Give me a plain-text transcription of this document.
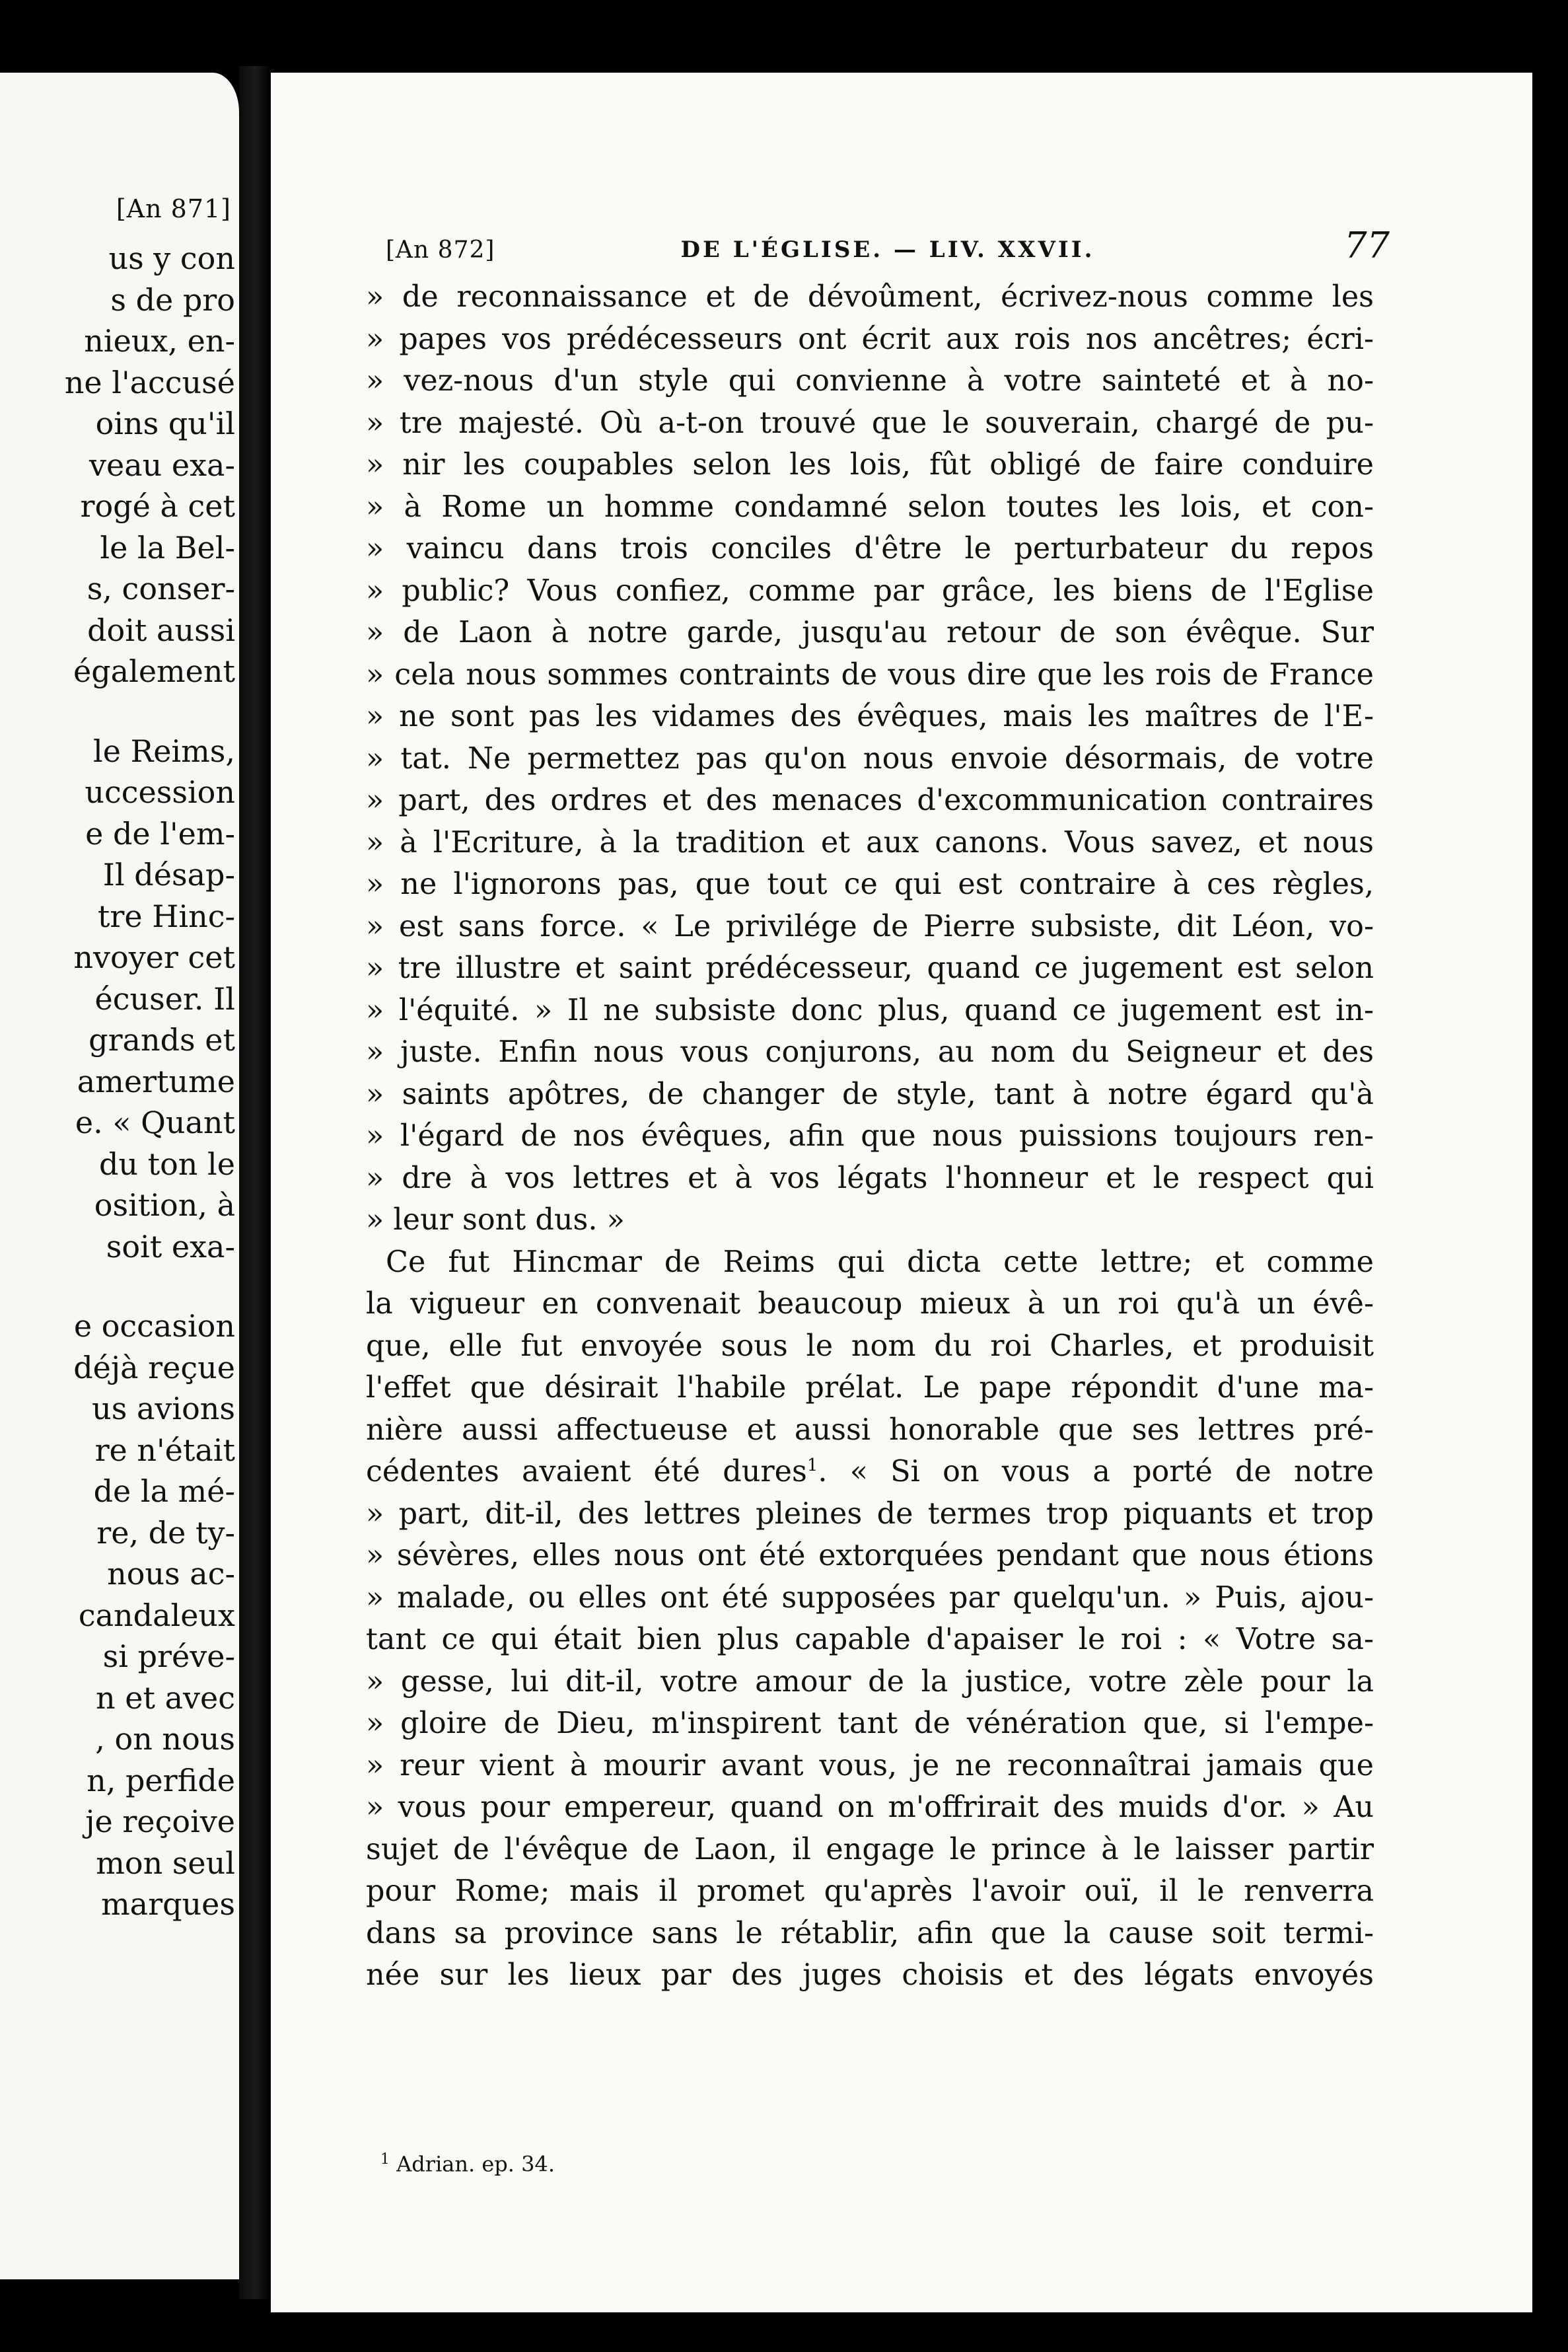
[An 871]
us y con
s de pro
nieux, en-
ne l'accusé
oins qu'il
veau exa-
rogé à cet
le la Bel-
s, conser-
doit aussi
également
le Reims,
uccession
e de l'em-
Il désap-
tre Hinc-
nvoyer cet
écuser. Il
grands et
amertume
e. « Quant
du ton le
osition, à
soit exa-
e occasion
déjà reçue
us avions
re n'était
de la mé-
re, de ty-
nous ac-
candaleux
si préve-
n et avec
, on nous
n, perfide
je reçoive
mon seul
marques
[An 872]	DE L'ÉGLISE. — LIV. XXVII.	77
» de reconnaissance et de dévoûment, écrivez-nous comme les
» papes vos prédécesseurs ont écrit aux rois nos ancêtres; écri-
» vez-nous d'un style qui convienne à votre sainteté et à no-
» tre majesté. Où a-t-on trouvé que le souverain, chargé de pu-
» nir les coupables selon les lois, fût obligé de faire conduire
» à Rome un homme condamné selon toutes les lois, et con-
» vaincu dans trois conciles d'être le perturbateur du repos
» public? Vous confiez, comme par grâce, les biens de l'Eglise
» de Laon à notre garde, jusqu'au retour de son évêque. Sur
» cela nous sommes contraints de vous dire que les rois de France
» ne sont pas les vidames des évêques, mais les maîtres de l'E-
» tat. Ne permettez pas qu'on nous envoie désormais, de votre
» part, des ordres et des menaces d'excommunication contraires
» à l'Ecriture, à la tradition et aux canons. Vous savez, et nous
» ne l'ignorons pas, que tout ce qui est contraire à ces règles,
» est sans force. « Le privilége de Pierre subsiste, dit Léon, vo-
» tre illustre et saint prédécesseur, quand ce jugement est selon
» l'équité. » Il ne subsiste donc plus, quand ce jugement est in-
» juste. Enfin nous vous conjurons, au nom du Seigneur et des
» saints apôtres, de changer de style, tant à notre égard qu'à
» l'égard de nos évêques, afin que nous puissions toujours ren-
» dre à vos lettres et à vos légats l'honneur et le respect qui
» leur sont dus. »
Ce fut Hincmar de Reims qui dicta cette lettre; et comme
la vigueur en convenait beaucoup mieux à un roi qu'à un évê-
que, elle fut envoyée sous le nom du roi Charles, et produisit
l'effet que désirait l'habile prélat. Le pape répondit d'une ma-
nière aussi affectueuse et aussi honorable que ses lettres pré-
cédentes avaient été dures$^1$. « Si on vous a porté de notre
» part, dit-il, des lettres pleines de termes trop piquants et trop
» sévères, elles nous ont été extorquées pendant que nous étions
» malade, ou elles ont été supposées par quelqu'un. » Puis, ajou-
tant ce qui était bien plus capable d'apaiser le roi : « Votre sa-
» gesse, lui dit-il, votre amour de la justice, votre zèle pour la
» gloire de Dieu, m'inspirent tant de vénération que, si l'empe-
» reur vient à mourir avant vous, je ne reconnaîtrai jamais que
» vous pour empereur, quand on m'offrirait des muids d'or. » Au
sujet de l'évêque de Laon, il engage le prince à le laisser partir
pour Rome; mais il promet qu'après l'avoir ouï, il le renverra
dans sa province sans le rétablir, afin que la cause soit termi-
née sur les lieux par des juges choisis et des légats envoyés
$^1$ Adrian. ep. 34.
